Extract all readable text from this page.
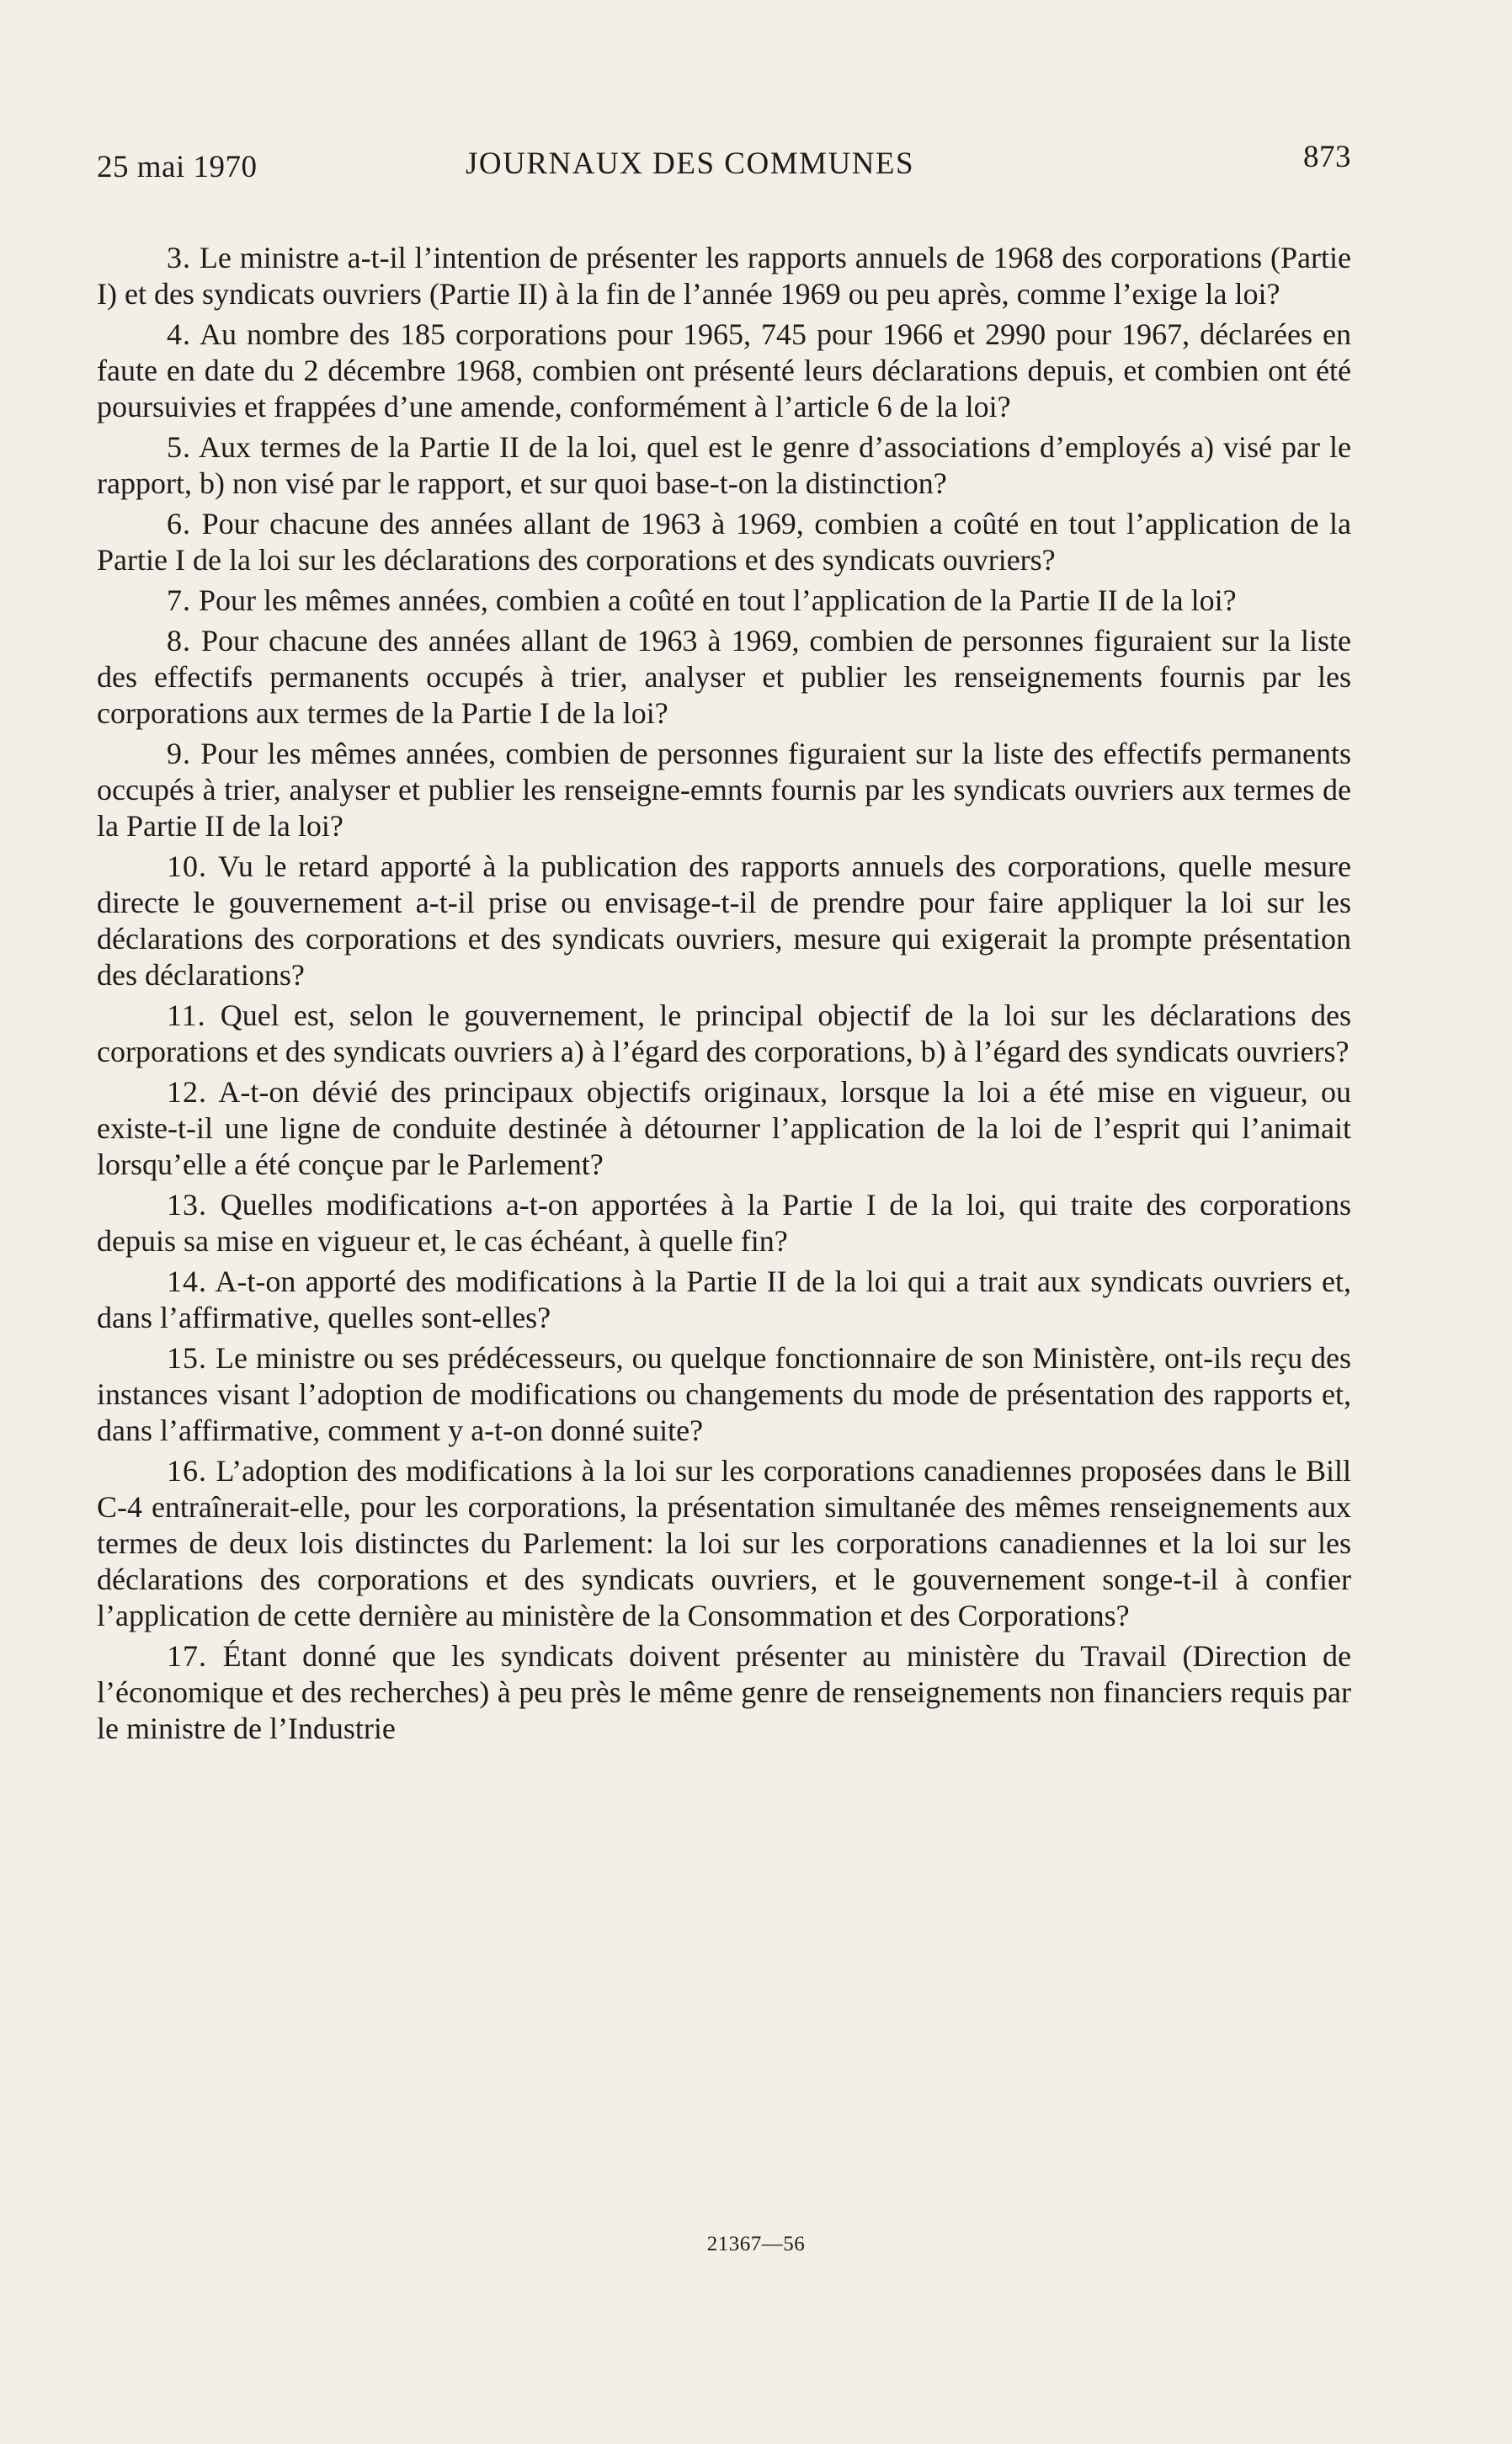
25 mai 1970	JOURNAUX DES COMMUNES	873

3. Le ministre a-t-il l’intention de présenter les rapports annuels de 1968 des corporations (Partie I) et des syndicats ouvriers (Partie II) à la fin de l’année 1969 ou peu après, comme l’exige la loi?

4. Au nombre des 185 corporations pour 1965, 745 pour 1966 et 2990 pour 1967, déclarées en faute en date du 2 décembre 1968, combien ont présenté leurs déclarations depuis, et combien ont été poursuivies et frappées d’une amende, conformément à l’article 6 de la loi?

5. Aux termes de la Partie II de la loi, quel est le genre d’associations d’employés a) visé par le rapport, b) non visé par le rapport, et sur quoi base-t-on la distinction?

6. Pour chacune des années allant de 1963 à 1969, combien a coûté en tout l’application de la Partie I de la loi sur les déclarations des corporations et des syndicats ouvriers?

7. Pour les mêmes années, combien a coûté en tout l’application de la Partie II de la loi?

8. Pour chacune des années allant de 1963 à 1969, combien de personnes figuraient sur la liste des effectifs permanents occupés à trier, analyser et publier les renseignements fournis par les corporations aux termes de la Partie I de la loi?

9. Pour les mêmes années, combien de personnes figuraient sur la liste des effectifs permanents occupés à trier, analyser et publier les renseigne-emnts fournis par les syndicats ouvriers aux termes de la Partie II de la loi?

10. Vu le retard apporté à la publication des rapports annuels des corporations, quelle mesure directe le gouvernement a-t-il prise ou envisage-t-il de prendre pour faire appliquer la loi sur les déclarations des corporations et des syndicats ouvriers, mesure qui exigerait la prompte présentation des déclarations?

11. Quel est, selon le gouvernement, le principal objectif de la loi sur les déclarations des corporations et des syndicats ouvriers a) à l’égard des corporations, b) à l’égard des syndicats ouvriers?

12. A-t-on dévié des principaux objectifs originaux, lorsque la loi a été mise en vigueur, ou existe-t-il une ligne de conduite destinée à détourner l’application de la loi de l’esprit qui l’animait lorsqu’elle a été conçue par le Parlement?

13. Quelles modifications a-t-on apportées à la Partie I de la loi, qui traite des corporations depuis sa mise en vigueur et, le cas échéant, à quelle fin?

14. A-t-on apporté des modifications à la Partie II de la loi qui a trait aux syndicats ouvriers et, dans l’affirmative, quelles sont-elles?

15. Le ministre ou ses prédécesseurs, ou quelque fonctionnaire de son Ministère, ont-ils reçu des instances visant l’adoption de modifications ou changements du mode de présentation des rapports et, dans l’affirmative, comment y a-t-on donné suite?

16. L’adoption des modifications à la loi sur les corporations canadiennes proposées dans le Bill C-4 entraînerait-elle, pour les corporations, la présentation simultanée des mêmes renseignements aux termes de deux lois distinctes du Parlement: la loi sur les corporations canadiennes et la loi sur les déclarations des corporations et des syndicats ouvriers, et le gouvernement songe-t-il à confier l’application de cette dernière au ministère de la Consommation et des Corporations?

17. Étant donné que les syndicats doivent présenter au ministère du Travail (Direction de l’économique et des recherches) à peu près le même genre de renseignements non financiers requis par le ministre de l’Industrie

21367—56
